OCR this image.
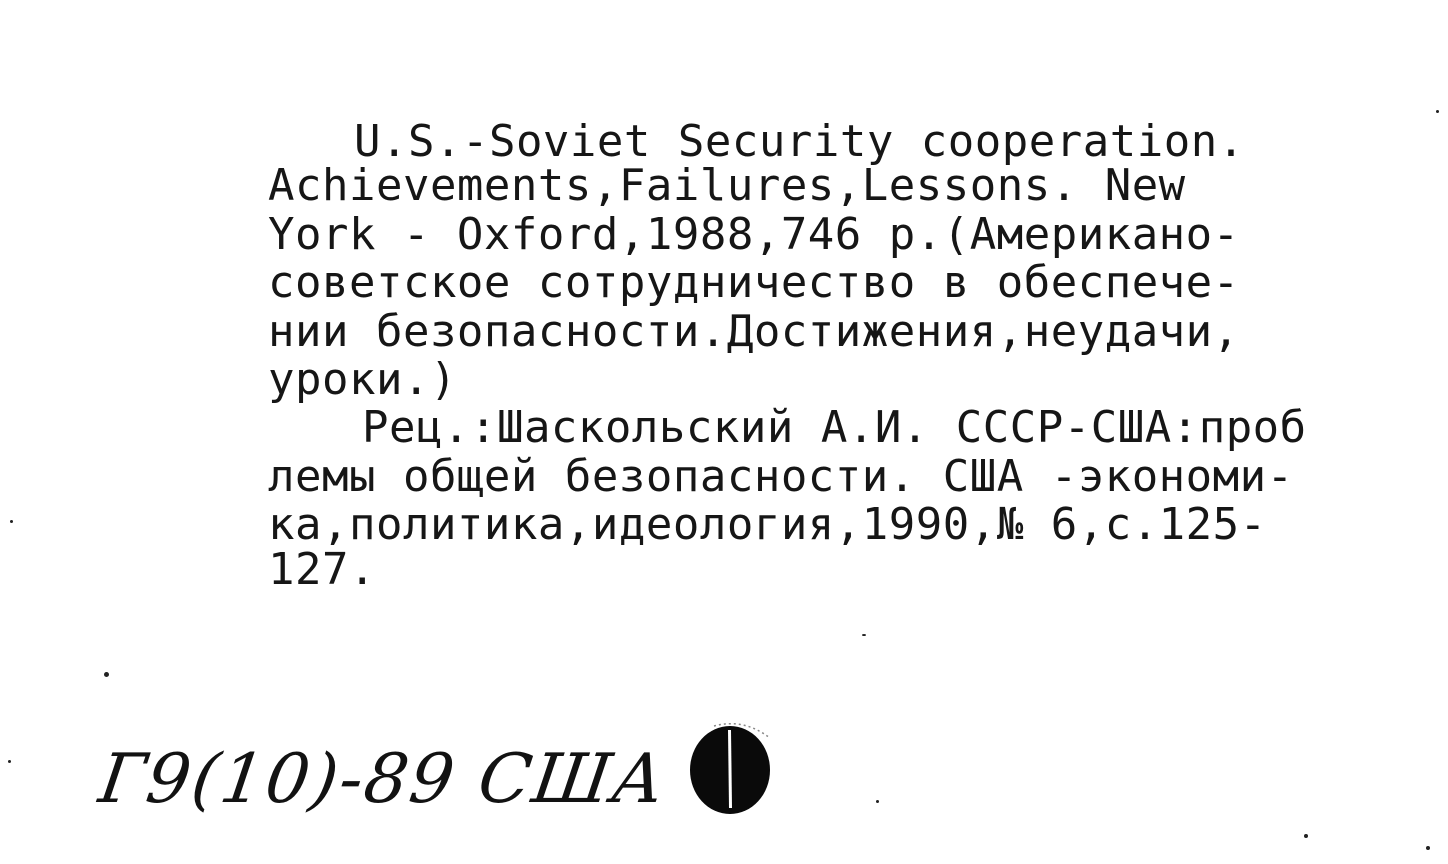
U.S.-Soviet Security cooperation.
Achievements,Failures,Lessons. New
York - Oxford,1988,746 p.(Американо-
советское сотрудничество в обеспече-
нии безопасности.Достижения,неудачи,
уроки.)
Рец.:Шаскольский А.И. СССР-США:проб
лемы общей безопасности. США -экономи-
ка,политика,идеология,1990,№ 6,с.125-
127.
Г9(10)-89 США
